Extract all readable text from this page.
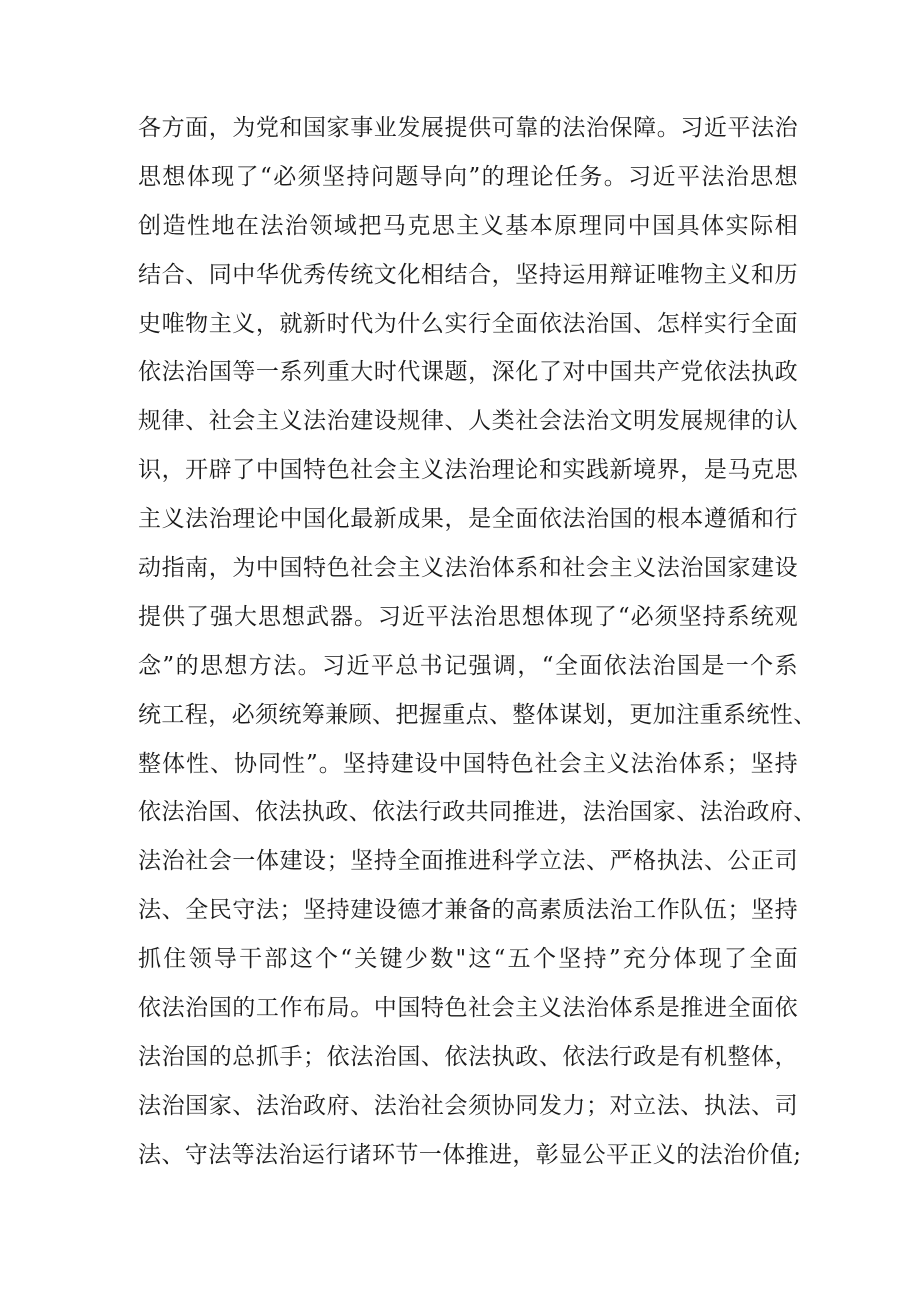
各方面，为党和国家事业发展提供可靠的法治保障。习近平法治
思想体现了“必须坚持问题导向”的理论任务。习近平法治思想
创造性地在法治领域把马克思主义基本原理同中国具体实际相
结合、同中华优秀传统文化相结合，坚持运用辩证唯物主义和历
史唯物主义，就新时代为什么实行全面依法治国、怎样实行全面
依法治国等一系列重大时代课题，深化了对中国共产党依法执政
规律、社会主义法治建设规律、人类社会法治文明发展规律的认
识，开辟了中国特色社会主义法治理论和实践新境界，是马克思
主义法治理论中国化最新成果，是全面依法治国的根本遵循和行
动指南，为中国特色社会主义法治体系和社会主义法治国家建设
提供了强大思想武器。习近平法治思想体现了“必须坚持系统观
念”的思想方法。习近平总书记强调，“全面依法治国是一个系
统工程，必须统筹兼顾、把握重点、整体谋划，更加注重系统性、
整体性、协同性”。坚持建设中国特色社会主义法治体系；坚持
依法治国、依法执政、依法行政共同推进，法治国家、法治政府、
法治社会一体建设；坚持全面推进科学立法、严格执法、公正司
法、全民守法；坚持建设德才兼备的高素质法治工作队伍；坚持
抓住领导干部这个“关键少数"这“五个坚持”充分体现了全面
依法治国的工作布局。中国特色社会主义法治体系是推进全面依
法治国的总抓手；依法治国、依法执政、依法行政是有机整体，
法治国家、法治政府、法治社会须协同发力；对立法、执法、司
法、守法等法治运行诸环节一体推进，彰显公平正义的法治价值;
